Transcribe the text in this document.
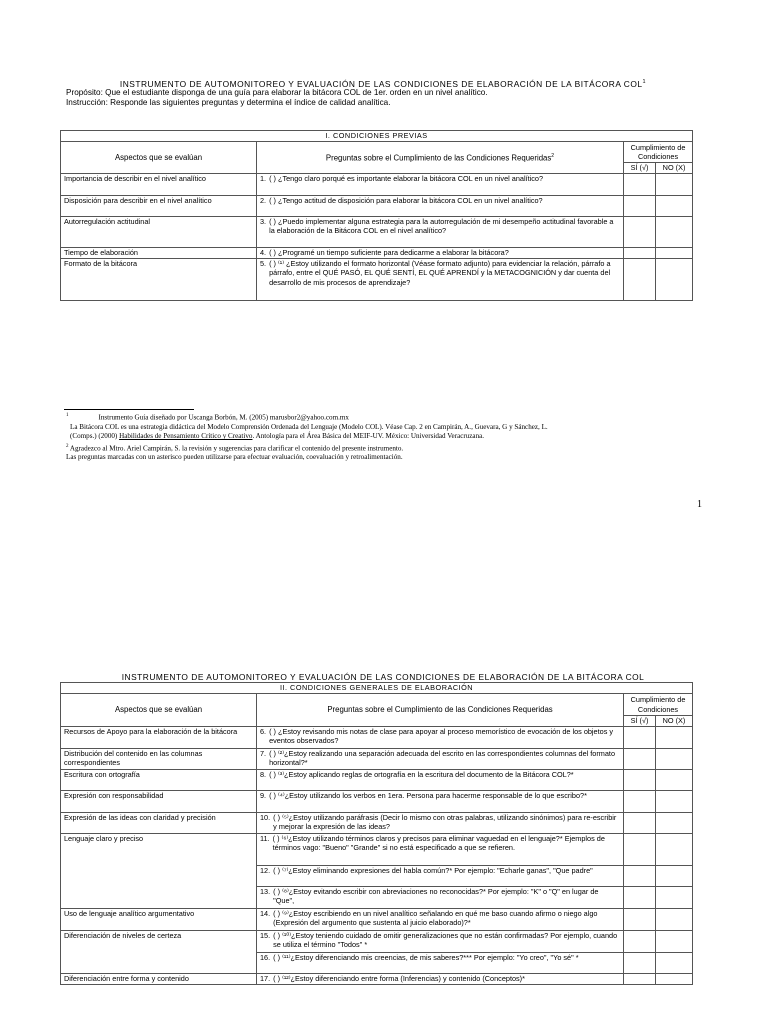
INSTRUMENTO DE AUTOMONITOREO Y EVALUACIÓN DE LAS CONDICIONES DE ELABORACIÓN DE LA BITÁCORA COL$^1$
Propósito: Que el estudiante disponga de una guía para elaborar la bitácora COL de 1er. orden en un nivel analítico.
Instrucción: Responde las siguientes preguntas y determina el índice de calidad analítica.
I. CONDICIONES PREVIAS			
Aspectos que se evalúan	Preguntas sobre el Cumplimiento de las Condiciones Requeridas$^2$	Cumplimiento de Condiciones	
		SÍ (√)	NO (X)
Importancia de describir en el nivel analítico	1. ( ) ¿Tengo claro porqué es importante elaborar la bitácora COL en un nivel analítico?		

Disposición para describir en el nivel analítico	2. ( ) ¿Tengo actitud de disposición para elaborar la bitácora COL en un nivel analítico?		

Autorregulación actitudinal	3. ( ) ¿Puedo implementar alguna estrategia para la autorregulación de mi desempeño actitudinal favorable a la elaboración de la Bitácora COL en el nivel analítico?		

Tiempo de elaboración	4. ( ) ¿Programé un tiempo suficiente para dedicarme a elaborar la bitácora?		

Formato de la bitácora	5. ( ) ⁽¹⁾ ¿Estoy utilizando el formato horizontal (Véase formato adjunto) para evidenciar la relación, párrafo a párrafo, entre el QUÉ PASÓ, EL QUÉ SENTÍ, EL QUÉ APRENDÍ y la METACOGNICIÓN y dar cuenta del desarrollo de mis procesos de aprendizaje?		

$^1$	Instrumento Guía diseñado por Uscanga Borbón, M. (2005) marusbor2@yahoo.com.mx
La Bitácora COL es una estrategia didáctica del Modelo Comprensión Ordenada del Lenguaje (Modelo COL). Véase Cap. 2 en Campirán, A., Guevara, G y Sánchez, L.
(Comps.) (2000) Habilidades de Pensamiento Crítico y Creativo. Antología para el Área Básica del MEIF-UV. México: Universidad Veracruzana.
$^2$ Agradezco al Mtro. Ariel Campirán, S. la revisión y sugerencias para clarificar el contenido del presente instrumento.
Las preguntas marcadas con un asterisco pueden utilizarse para efectuar evaluación, coevaluación y retroalimentación.
1
INSTRUMENTO DE AUTOMONITOREO Y EVALUACIÓN DE LAS CONDICIONES DE ELABORACIÓN DE LA BITÁCORA COL
II. CONDICIONES GENERALES DE ELABORACIÓN			
Aspectos que se evalúan	Preguntas sobre el Cumplimiento de las Condiciones Requeridas	Cumplimiento de Condiciones	
		SÍ (√)	NO (X)
Recursos de Apoyo para la elaboración de la bitácora	6. ( ) ¿Estoy revisando mis notas de clase para apoyar al proceso memorístico de evocación de los objetos y eventos observados?		

Distribución del contenido en las columnas correspondientes	7. ( ) ⁽²⁾¿Estoy realizando una separación adecuada del escrito en las correspondientes columnas del formato horizontal?*		

Escritura con ortografía	8. ( ) ⁽³⁾¿Estoy aplicando reglas de ortografía en la escritura del documento de la Bitácora COL?*		

Expresión con responsabilidad	9. ( ) ⁽⁴⁾¿Estoy utilizando los verbos en 1era. Persona para hacerme responsable de lo que escribo?*		

Expresión de las ideas con claridad y precisión	10. ( ) ⁽⁵⁾¿Estoy utilizando paráfrasis (Decir lo mismo con otras palabras, utilizando sinónimos) para re-escribir y mejorar la expresión de las ideas?		

Lenguaje claro y preciso	11. ( ) ⁽⁶⁾¿Estoy utilizando términos claros y precisos para eliminar vaguedad en el lenguaje?* Ejemplos de términos vago: "Bueno" "Grande" si no está especificado a que se refieren.		

	12. ( ) ⁽⁷⁾¿Estoy eliminando expresiones del habla común?* Por ejemplo: "Echarle ganas", "Que padre"		

	13. ( ) ⁽⁸⁾¿Estoy evitando escribir con abreviaciones no reconocidas?* Por ejemplo: "K" o "Q" en lugar de "Que",		

Uso de lenguaje analítico argumentativo	14. ( ) ⁽⁹⁾¿Estoy escribiendo en un nivel analítico señalando en qué me baso cuando afirmo o niego algo (Expresión del argumento que sustenta al juicio elaborado)?*		

Diferenciación de niveles de certeza	15. ( ) ⁽¹⁰⁾¿Estoy teniendo cuidado de omitir generalizaciones que no están confirmadas? Por ejemplo, cuando se utiliza el término "Todos" *		

	16. ( ) ⁽¹¹⁾¿Estoy diferenciando mis creencias, de mis saberes?*** Por ejemplo: "Yo creo", "Yo sé" *		

Diferenciación entre forma y contenido	17. ( ) ⁽¹²⁾¿Estoy diferenciando entre forma (Inferencias) y contenido (Conceptos)*		
